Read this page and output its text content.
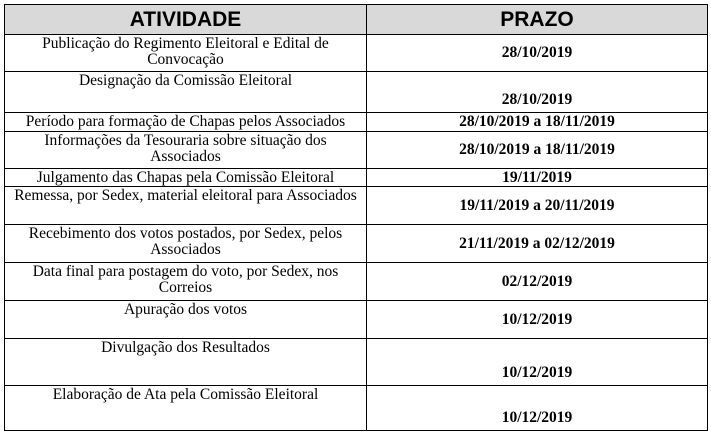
ATIVIDADE	PRAZO
Publicação do Regimento Eleitoral e Edital de Convocação	28/10/2019
Designação da Comissão Eleitoral	28/10/2019
Período para formação de Chapas pelos Associados	28/10/2019 a 18/11/2019
Informações da Tesouraria sobre situação dos Associados	28/10/2019 a 18/11/2019
Julgamento das Chapas pela Comissão Eleitoral	19/11/2019
Remessa, por Sedex, material eleitoral para Associados	19/11/2019 a 20/11/2019
Recebimento dos votos postados, por Sedex, pelos Associados	21/11/2019 a 02/12/2019
Data final para postagem do voto, por Sedex, nos Correios	02/12/2019
Apuração dos votos	10/12/2019
Divulgação dos Resultados	10/12/2019
Elaboração de Ata pela Comissão Eleitoral	10/12/2019
